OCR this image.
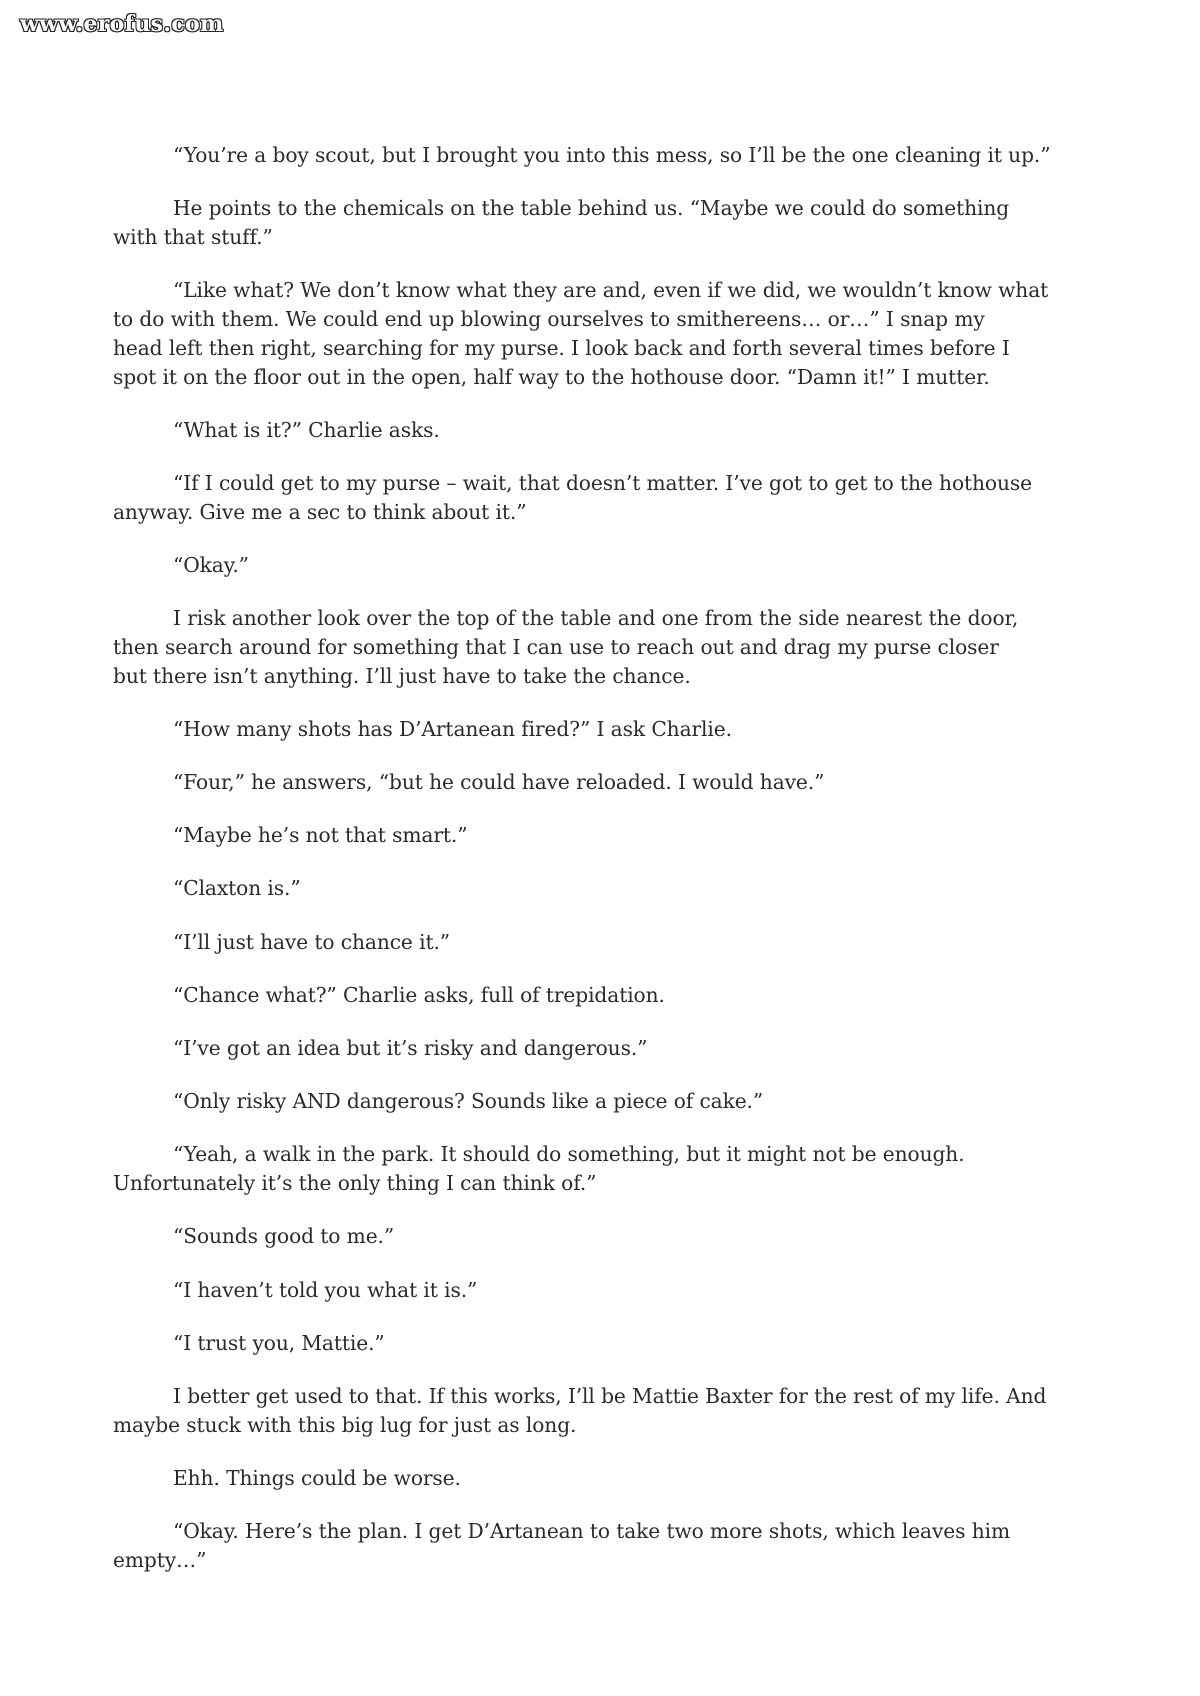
www.erofus.com

“You’re a boy scout, but I brought you into this mess, so I’ll be the one cleaning it up.”

He points to the chemicals on the table behind us. “Maybe we could do something
with that stuff.”

“Like what? We don’t know what they are and, even if we did, we wouldn’t know what
to do with them. We could end up blowing ourselves to smithereens… or…” I snap my
head left then right, searching for my purse. I look back and forth several times before I
spot it on the floor out in the open, half way to the hothouse door. “Damn it!” I mutter.

“What is it?” Charlie asks.

“If I could get to my purse – wait, that doesn’t matter. I’ve got to get to the hothouse
anyway. Give me a sec to think about it.”

“Okay.”

I risk another look over the top of the table and one from the side nearest the door,
then search around for something that I can use to reach out and drag my purse closer
but there isn’t anything. I’ll just have to take the chance.

“How many shots has D’Artanean fired?” I ask Charlie.

“Four,” he answers, “but he could have reloaded. I would have.”

“Maybe he’s not that smart.”

“Claxton is.”

“I’ll just have to chance it.”

“Chance what?” Charlie asks, full of trepidation.

“I’ve got an idea but it’s risky and dangerous.”

“Only risky AND dangerous? Sounds like a piece of cake.”

“Yeah, a walk in the park. It should do something, but it might not be enough.
Unfortunately it’s the only thing I can think of.”

“Sounds good to me.”

“I haven’t told you what it is.”

“I trust you, Mattie.”

I better get used to that. If this works, I’ll be Mattie Baxter for the rest of my life. And
maybe stuck with this big lug for just as long.

Ehh. Things could be worse.

“Okay. Here’s the plan. I get D’Artanean to take two more shots, which leaves him
empty…”
